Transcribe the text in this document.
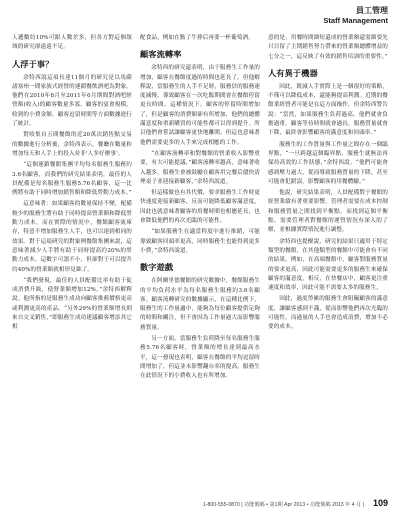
員工管理
Staff Management

人遞數約10%可跟人數差多，但各方對這個領域的研究卻遠遠不足。

人浮于事？

余特西說這項長達11個月的研究是以馬薩諸塞州一間家族式經營的連鎖餐飲酒吧為對象。他們在2010年8月至2011年6月期間對酒吧經營額(收入)的顧客數量多寡、顧客的宴會規模、收到的小費金額、顧客逗留時間等方面數據進行了統計。

對收集自五間餐館的近20萬次銷售點交易的數據進行分析後，余特西表示，餐廳在數量和增加每天和人手上的投入並非'人多好辦事'。

“這個連鎖餐館集團平均每名服務生服務約3.6名顧客，而我們的研究結果表明，最佳的人員配備是每名服務生服務5.76名顧客，這一比例將有助于同時增加銷售額和降低勞動力成本。”

這意味著：如果顧客的數量保持不變，配備較少的服務生將有助于同時提高營業額和降低勞動力成本，而在實際的情況中，餐館顧客流庫存，特意不增加服務生人手，也可以達到相同的效果。對于這項研究的對象例餐館集團來說，這意味著減少人手將有助于同時提高約20%的勞動力成本，這數字可謂不小，但卻對于可以提升約40%的營業額就相形見絀了。

“我們發現，最佳的人員配備比率有助于促成消費升級，使營業額增加12%，”余特西解釋說。他所指的是服務生成功向顧客推薦價格更高或利潤更高的產品。“另外29%的營業額增長則來自交叉銷售，”即服務生成功建議顧客增添其它相

配食品，例如在點了牛排后再要一杯葡萄酒。

顧客流轉率

余特西的研究還表明，由于服務生工作量的增加，顧客在餐館度過的時間也延長了。但他解釋說，當服務生的人手不足時，服務員的服務速度減慢，導致顧客在一次吃飯期間會在餐館停留更長時間。這種情況下，顧客的停留時間增加了，但是顧客的消費額卻有所增加，他們的總體滿意度和重新購買的可能性都可以得到提升。所以他們會嘗試讓顧客更快地離開，但這也意味著他們需要更多的人手來完成相應的工作。

“在顧客流轉率和對餐館的營業收入影響重要，有大可能提議，”顧客流轉率越高，意味著收入越多，服務生會被鼓勵在顧客用完餐后儘快清理桌子並迎接新顧客，”余特西說道。

但這樣做也有其代價，要求服務生工作時更快速度迎接新顧客，反而可能降低顧客滿意度，因此也就意味著顧客的用餐時間也相應延長，也會降低他們的再次光臨的可能性。

“如果服務生在適當程度中進行推銷，可能導致顧客回頭率更高，同時服務生也能得到更多小費，”余特西說道。

數字遊戲

在阿爾里德餐館的研究數據中，餐館服務生的平均負荷水平為每名服務生服務約3.6名顧客。顧客流轉研究的數據顯示，在這種比例下，服務生的工作量適中，能夠為每位顧客提供足夠的時間和關注，但不會因為工作量過大而影響服務質量。

另一方面，當服務生負荷降至每名服務生服務5.76名顧客時，營業額的增長達到最高水平，這一發現也表明，顧客在餐館的平均逗留時間增加了，但這並未影響翻台率的提高。服務生在此情況下的小費收入也有所增加。

意的是，用餐時間細短還成的營業額還需細要先只目留了主期銷售努力帶來的營業額總體增益的七分之一，這反映了有效的銷售培訓的重要性。”

人有異于機器

因此，既減人手實際上是一個很好的策略，不僅可以降低成本，還能夠提高利潤。近期的餐館業經營者可能是在這方面操作，但余特西警告說：“當然，如果服務生負荷過高，他們就會負擔過重，顧客等待時間就會過長，服務質量就會下降，最終會影響顧客的滿意度和回頭率。”

服務生的工作質量與工作量之間存在一個臨界點，“一旦跨越這個臨界點，服務生就無法再保持高效的工作狀態，”余特西說。“他們可能會感到壓力過大，從而導致服務質量的下降，甚至可能會犯錯誤，影響顧客的用餐體驗。”

他說，研究結果表明，人員配備對于餐館的經營業績有著重要影響，管理者需要在成本控制和服務質量之間找到平衡點。而找到這個平衡點，需要管理者對餐館的運營情況有深入的了解，並根據實際情況進行調整。

余特西也提醒說，研究的結果只適用于特定類型的餐館，在其他類型的餐館中可能會有不同的結果。例如，在高端餐館中，顧客對服務質量的要求更高，因此可能需要更多的服務生來確保顧客的滿意度。相反，在快餐店中，顧客更注重速度和效率，因此可能不需要太多的服務生。

因此，過度勞累的服務生會阻礙顧客的滿意度，讓顧客感到不滿，從而影響他們再次光臨的可能性。而過量的人手也會造成浪費，增加不必要的成本。

1-800-555-0870 | 功能號碼 • 第1期 Apr 2013 • 功能號碼 2013 年 4 月 | 109
